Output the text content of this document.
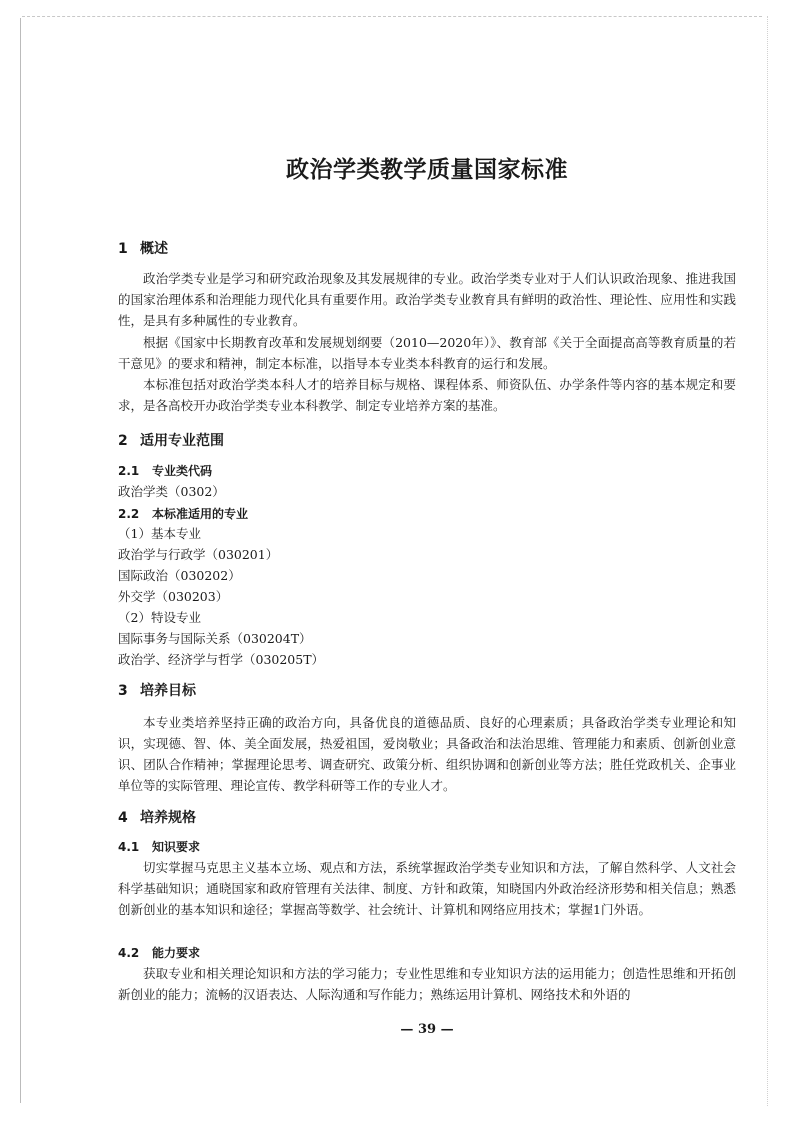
政治学类教学质量国家标准
1 概述

政治学类专业是学习和研究政治现象及其发展规律的专业。政治学类专业对于人们认识政治现象、推进我国的国家治理体系和治理能力现代化具有重要作用。政治学类专业教育具有鲜明的政治性、理论性、应用性和实践性，是具有多种属性的专业教育。

根据《国家中长期教育改革和发展规划纲要（2010—2020年）》、教育部《关于全面提高高等教育质量的若干意见》的要求和精神，制定本标准，以指导本专业类本科教育的运行和发展。

本标准包括对政治学类本科人才的培养目标与规格、课程体系、师资队伍、办学条件等内容的基本规定和要求，是各高校开办政治学类专业本科教学、制定专业培养方案的基准。

2 适用专业范围
2.1 专业类代码
政治学类（0302）
2.2 本标准适用的专业
（1）基本专业
政治学与行政学（030201）
国际政治（030202）
外交学（030203）
（2）特设专业
国际事务与国际关系（030204T）
政治学、经济学与哲学（030205T）
3 培养目标

本专业类培养坚持正确的政治方向，具备优良的道德品质、良好的心理素质；具备政治学类专业理论和知识，实现德、智、体、美全面发展，热爱祖国，爱岗敬业；具备政治和法治思维、管理能力和素质、创新创业意识、团队合作精神；掌握理论思考、调查研究、政策分析、组织协调和创新创业等方法；胜任党政机关、企事业单位等的实际管理、理论宣传、教学科研等工作的专业人才。

4 培养规格
4.1 知识要求

切实掌握马克思主义基本立场、观点和方法，系统掌握政治学类专业知识和方法，了解自然科学、人文社会科学基础知识；通晓国家和政府管理有关法律、制度、方针和政策，知晓国内外政治经济形势和相关信息；熟悉创新创业的基本知识和途径；掌握高等数学、社会统计、计算机和网络应用技术；掌握1门外语。

4.2 能力要求

获取专业和相关理论知识和方法的学习能力；专业性思维和专业知识方法的运用能力；创造性思维和开拓创新创业的能力；流畅的汉语表达、人际沟通和写作能力；熟练运用计算机、网络技术和外语的

— 39 —
